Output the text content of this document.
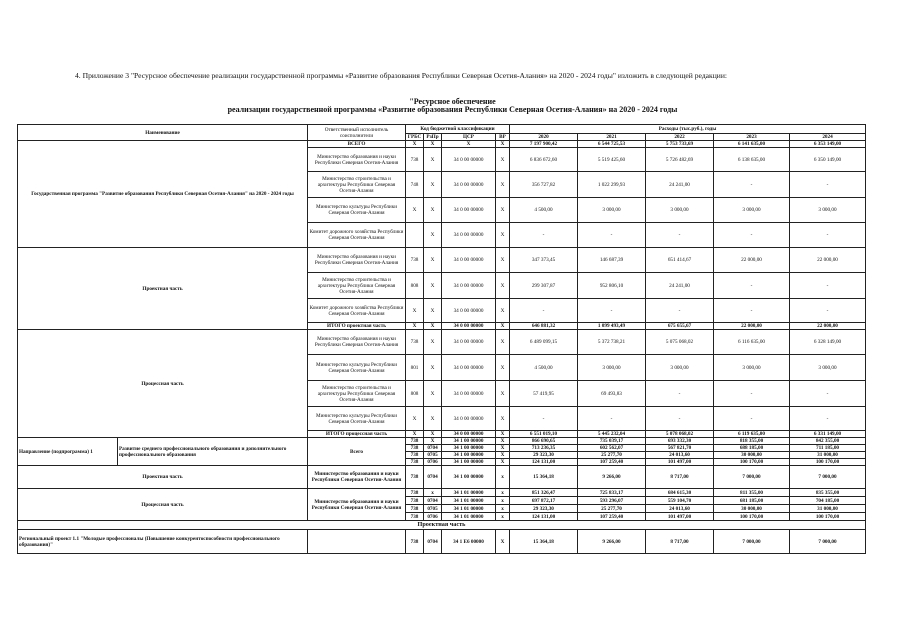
4. Приложение 3 "Ресурсное обеспечение реализации государственной программы «Развитие образования Республики Северная Осетия-Алания» на 2020 - 2024 годы" изложить в следующей редакции:
"Ресурсное обеспечение
реализации государственной программы «Развитие образования Республики Северная Осетия-Алания» на 2020 - 2024 годы
Наименование		Ответственный исполнитель соисполнители	Код бюджетной классификации				Расходы (тыс.руб.), годы				
			ГРБС	РзПр	ЦСР	ВР	2020	2021	2022	2023	2024
Государственная программа "Развитие образования Республики Северная Осетия-Алания" на 2020 - 2024 годы		ВСЕГО	X	X	X	X	7 197 900,42	6 544 725,53	5 753 733,69	6 141 635,00	6 353 149,00
		Министерство образования и науки Республики Северная Осетия-Алания	738	X	34 0 00 00000	X	6 836 672,60	5 519 425,60	5 726 482,69	6 138 635,00	6 350 149,00
		Министерство строительства и архитектуры Республики Северная Осетия-Алания	748	X	34 0 00 00000	X	356 727,82	1 022 299,93	24 241,00	-	-
		Министерство культуры Республики Северная Осетия-Алания	X	X	34 0 00 00000	X	4 500,00	3 000,00	3 000,00	3 000,00	3 000,00
		Комитет дорожного хозяйства Республики Северная Осетия-Алания		X	34 0 00 00000	X	-	-	-	-	-
Проектная часть		Министерство образования и науки Республики Северная Осетия-Алания	738	X	34 0 00 00000	X	347 373,45	146 687,39	651 414,67	22 000,00	22 000,00
		Министерство строительства и архитектуры Республики Северная Осетия-Алания	808	X	34 0 00 00000	X	299 307,87	952 806,10	24 241,00	-	-
		Комитет дорожного хозяйства Республики Северная Осетия-Алания	X	X	34 0 00 00000	X	-	-	-	-	-
		ИТОГО проектная часть	X	X	34 0 00 00000	X	646 881,32	1 099 493,49	675 655,67	22 000,00	22 000,00
Процессная часть		Министерство образования и науки Республики Северная Осетия-Алания	738	X	34 0 00 00000	X	6 489 099,15	5 372 738,21	5 075 068,02	6 116 635,00	6 328 149,00
		Министерство культуры Республики Северная Осетия-Алания	801	X	34 0 00 00000	X	4 500,00	3 000,00	3 000,00	3 000,00	3 000,00
		Министерство строительства и архитектуры Республики Северная Осетия-Алания	808	X	34 0 00 00000	X	57 419,95	69 493,83	-	-	-
		Министерство культуры Республики Северная Осетия-Алания	X	X	34 0 00 00000	X	-	-	-	-	-
		ИТОГО процессная часть	X	X	34 0 00 00000	X	6 551 019,10	5 445 232,04	5 078 068,02	6 119 635,00	6 331 149,00
Направление (подпрограмма) 1	Развитие среднего профессионального образования и дополнительного профессионального образования	Всего	738	X	34 1 00 00000	X	866 690,65	735 039,17	693 332,30	818 355,00	842 355,00
			738	0704	34 1 00 00000	X	713 236,35	602 562,07	567 821,70	688 185,00	711 185,00
			738	0705	34 1 00 00000	X	29 323,30	25 277,70	24 013,60	30 000,00	31 000,00
			738	0706	34 1 00 00000	X	124 131,00	107 259,40	101 497,00	100 170,00	100 170,00
Проектная часть		Министерство образования и науки Республики Северная Осетия-Алания	738	0704	34 1 00 00000	x	15 364,18	9 266,00	8 717,00	7 000,00	7 000,00
Процессная часть		Министерство образования и науки Республики Северная Осетия-Алания	738	x	34 1 01 00000	x	851 326,47	725 833,17	684 615,30	811 355,00	835 355,00
			738	0704	34 1 01 00000	x	697 872,17	593 296,07	559 104,70	681 185,00	704 185,00
			738	0705	34 1 01 00000	x	29 323,30	25 277,70	24 013,60	30 000,00	31 000,00
			738	0706	34 1 01 00000	x	124 131,00	107 259,40	101 497,00	100 170,00	100 170,00
Проектная часть											
Региональный проект 1.1 "Молодые профессионалы (Повышение конкурентоспособности профессионального образования)"			738	0704	34 1 Е6 00000	X	15 364,18	9 266,00	8 717,00	7 000,00	7 000,00
